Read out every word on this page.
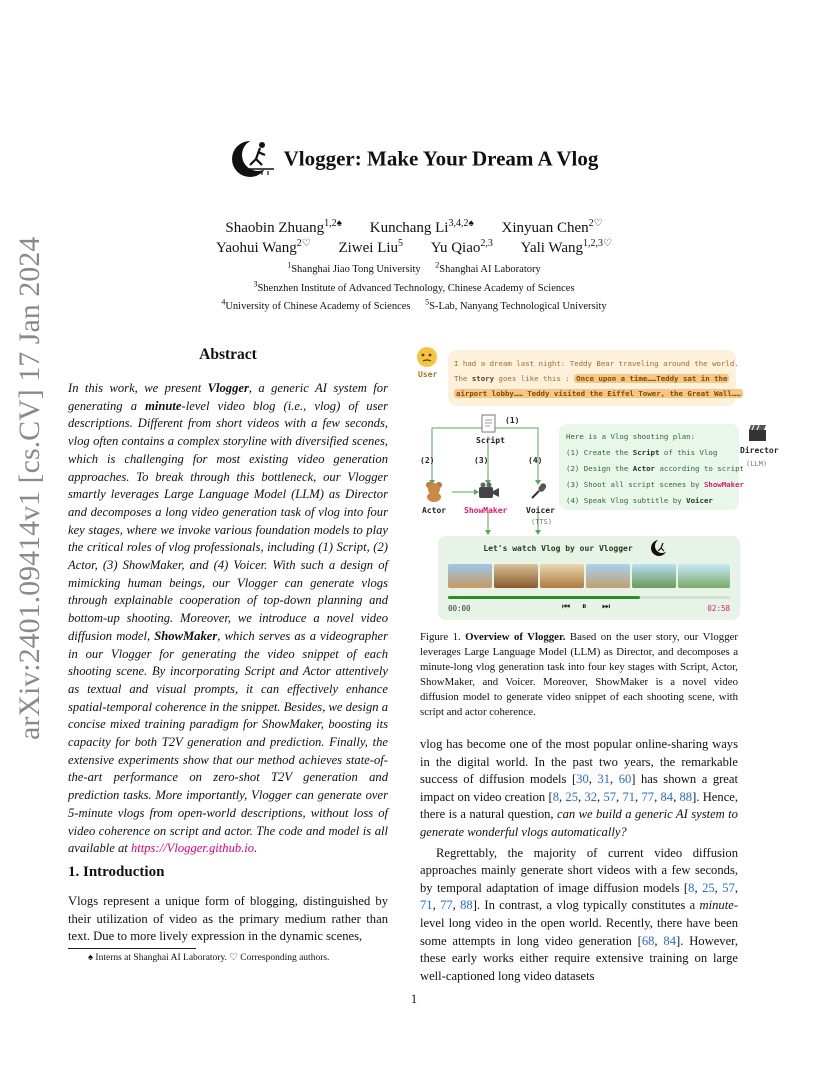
arXiv:2401.09414v1 [cs.CV] 17 Jan 2024
Vlogger: Make Your Dream A Vlog
Shaobin Zhuang$^{1,2♠}$ Kunchang $Li^{3,4,2♠}$ Xinyuan Chen$^{2♡}$
Yaohui Wang$^{2♡}$ Ziwei Liu$^5$ Yu Qiao$^{2,3}$ Yali Wang$^{1,2,3♡}$
$^1$Shanghai Jiao Tong University $^2$Shanghai AI Laboratory
$^3$Shenzhen Institute of Advanced Technology, Chinese Academy of Sciences
$^4$University of Chinese Academy of Sciences $^5$S-Lab, Nanyang Technological University
Abstract
In this work, we present Vlogger, a generic AI system for generating a minute-level video blog (i.e., vlog) of user descriptions. Different from short videos with a few seconds, vlog often contains a complex storyline with diversified scenes, which is challenging for most existing video generation approaches. To break through this bottleneck, our Vlogger smartly leverages Large Language Model (LLM) as Director and decomposes a long video generation task of vlog into four key stages, where we invoke various foundation models to play the critical roles of vlog professionals, including (1) Script, (2) Actor, (3) ShowMaker, and (4) Voicer. With such a design of mimicking human beings, our Vlogger can generate vlogs through explainable cooperation of top-down planning and bottom-up shooting. Moreover, we introduce a novel video diffusion model, ShowMaker, which serves as a videographer in our Vlogger for generating the video snippet of each shooting scene. By incorporating Script and Actor attentively as textual and visual prompts, it can effectively enhance spatial-temporal coherence in the snippet. Besides, we design a concise mixed training paradigm for ShowMaker, boosting its capacity for both T2V generation and prediction. Finally, the extensive experiments show that our method achieves state-of-the-art performance on zero-shot T2V generation and prediction tasks. More importantly, Vlogger can generate over 5-minute vlogs from open-world descriptions, without loss of video coherence on script and actor. The code and model is all available at https://Vlogger.github.io.
1. Introduction
Vlogs represent a unique form of blogging, distinguished by their utilization of video as the primary medium rather than text. Due to more lively expression in the dynamic scenes,
♠ Interns at Shanghai AI Laboratory. ♡ Corresponding authors.
User
I had a dream last night: Teddy Bear traveling around the world.
The story goes like this : Once upon a time……Teddy sat in the
airport lobby…… Teddy visited the Eiffel Tower, the Great Wall……
(1)
Script
(2)	(3)	(4)
Actor ShowMaker Voicer
(TTS)
Here is a Vlog shooting plan:
(1) Create the Script of this Vlog
(2) Design the Actor according to script
(3) Shoot all script scenes by ShowMaker
(4) Speak Vlog subtitle by Voicer
Director
(LLM)
Let's watch Vlog by our Vlogger
00:00	⏮ ⏸ ⏭	02:58
Figure 1. Overview of Vlogger. Based on the user story, our Vlogger leverages Large Language Model (LLM) as Director, and decomposes a minute-long vlog generation task into four key stages with Script, Actor, ShowMaker, and Voicer. Moreover, ShowMaker is a novel video diffusion model to generate video snippet of each shooting scene, with script and actor coherence.

vlog has become one of the most popular online-sharing ways in the digital world. In the past two years, the remarkable success of diffusion models [30, 31, 60] has shown a great impact on video creation [8, 25, 32, 57, 71, 77, 84, 88]. Hence, there is a natural question, can we build a generic AI system to generate wonderful vlogs automatically?

Regrettably, the majority of current video diffusion approaches mainly generate short videos with a few seconds, by temporal adaptation of image diffusion models [8, 25, 57, 71, 77, 88]. In contrast, a vlog typically constitutes a minute-level long video in the open world. Recently, there have been some attempts in long video generation [68, 84]. However, these early works either require extensive training on large well-captioned long video datasets

1
